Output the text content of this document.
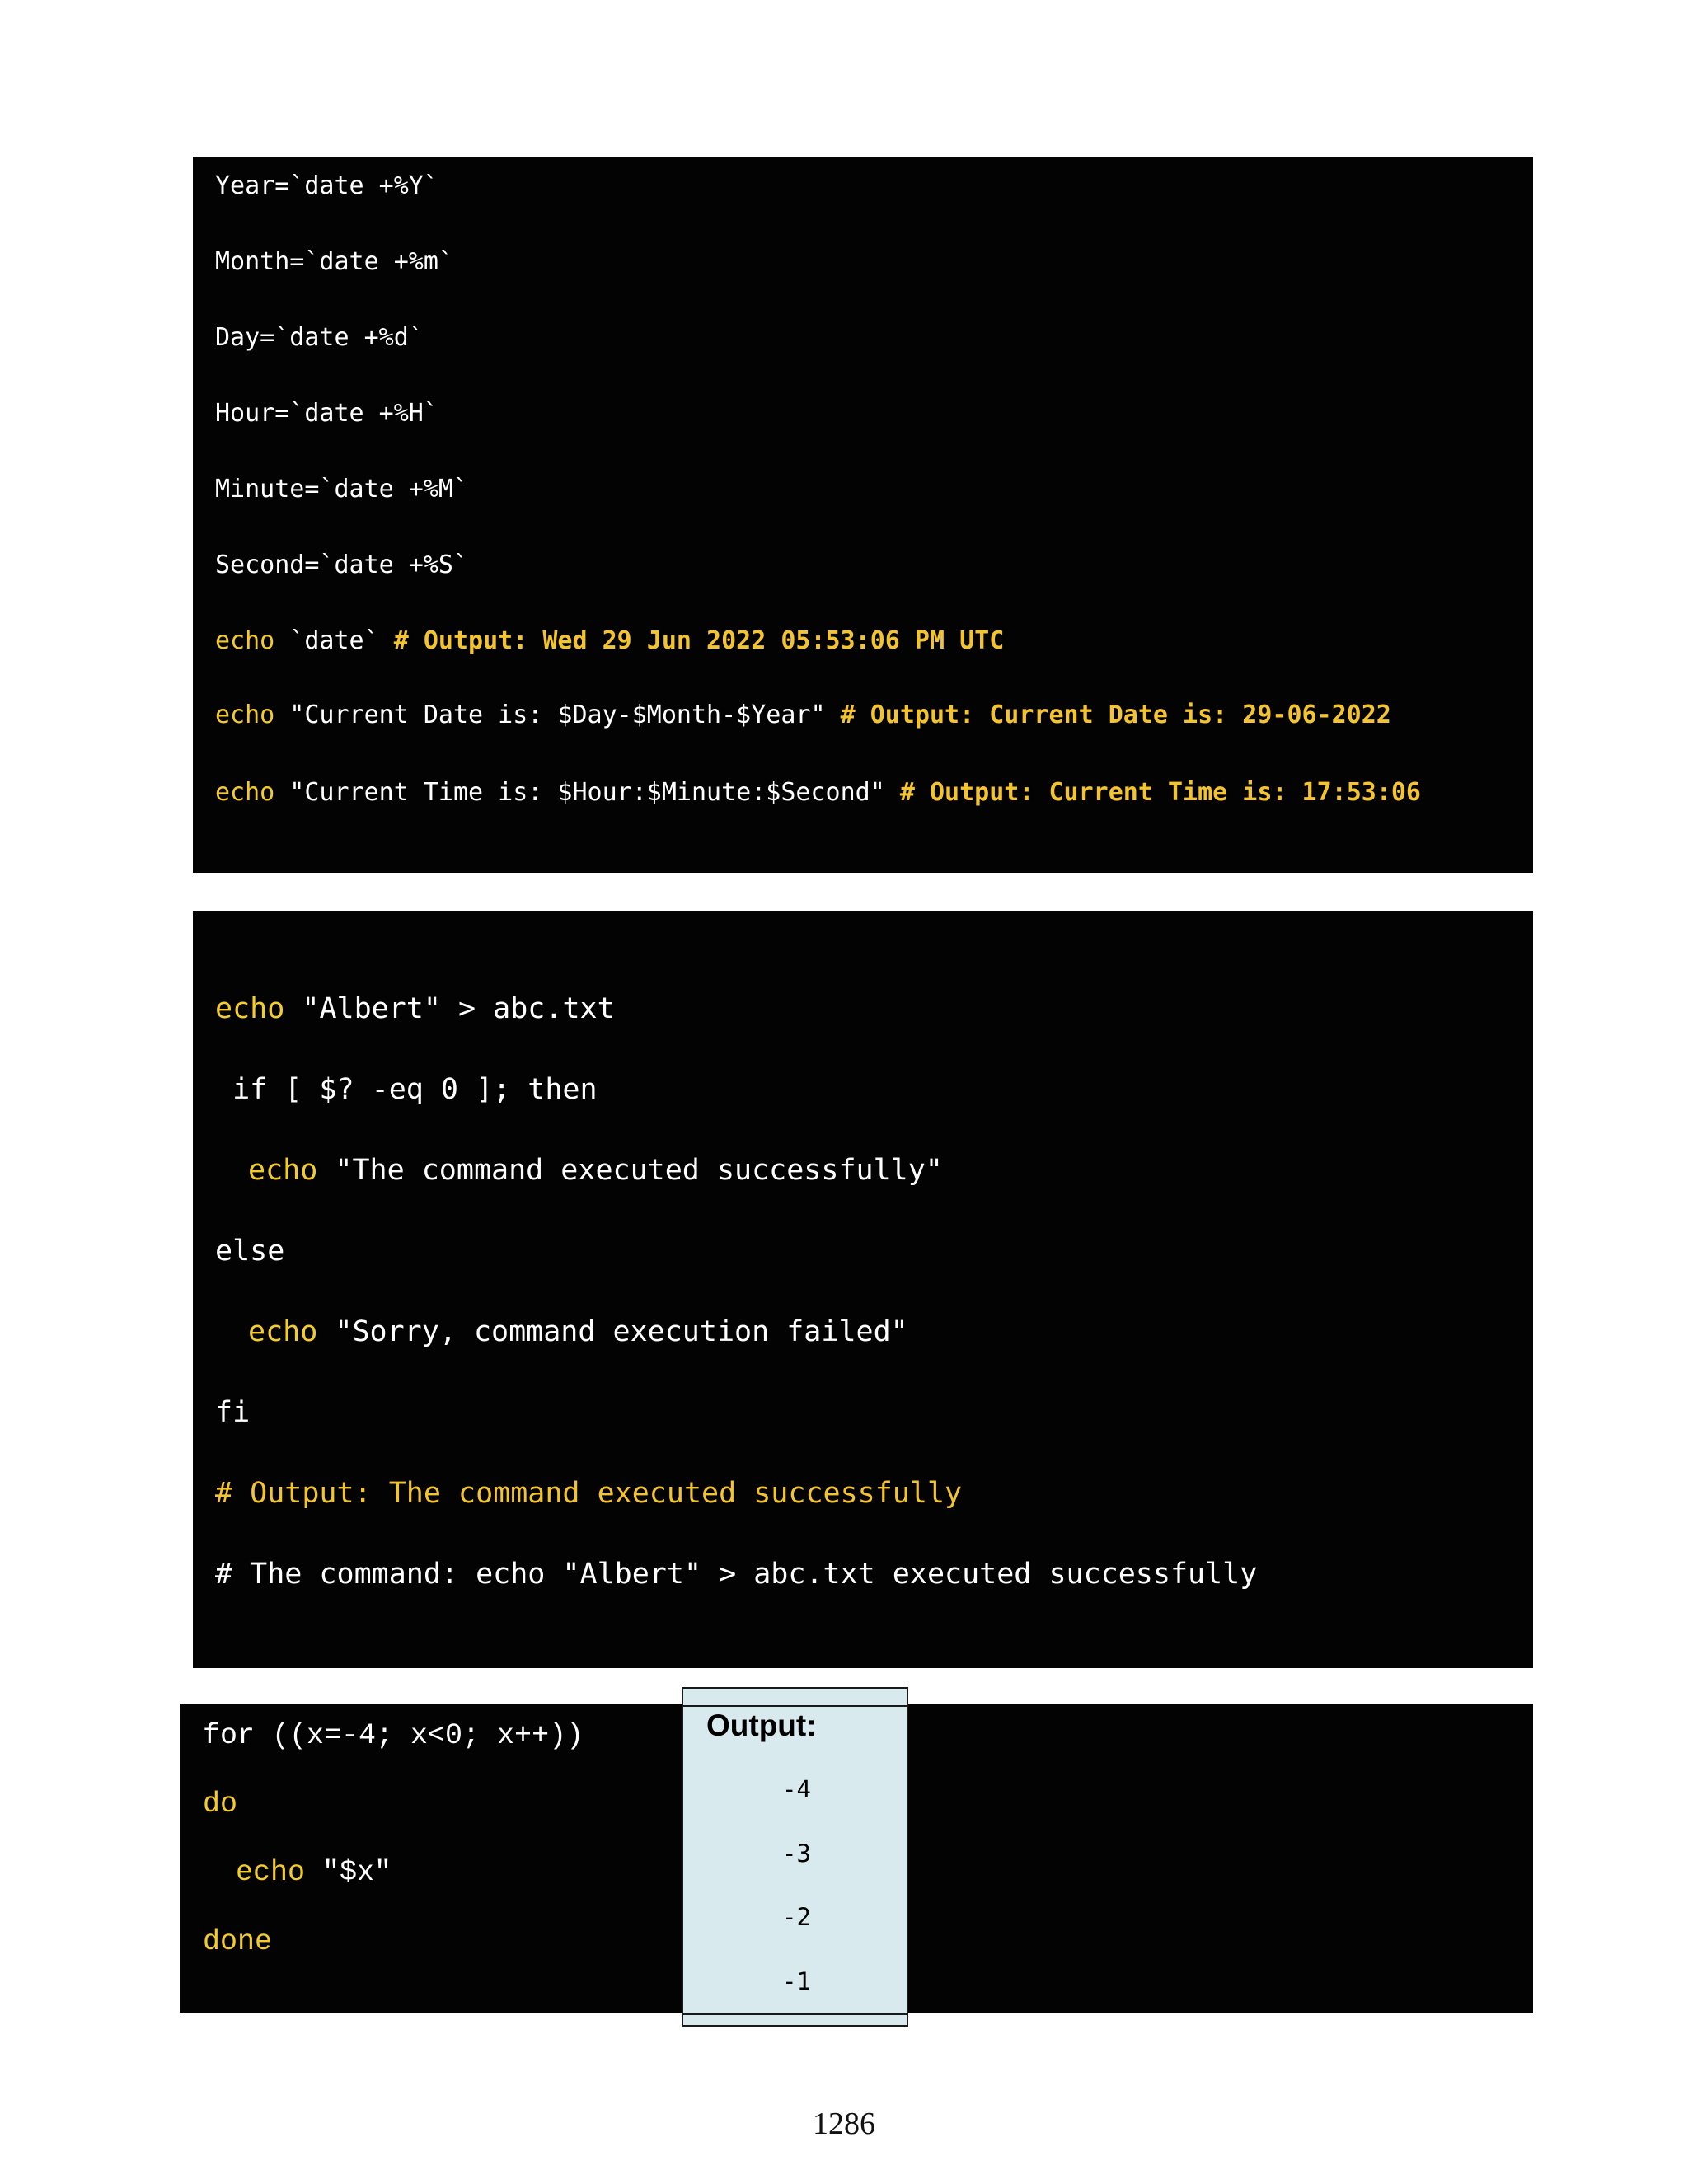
Year=`date +%Y`
Month=`date +%m`
Day=`date +%d`
Hour=`date +%H`
Minute=`date +%M`
Second=`date +%S`
echo `date` # Output: Wed 29 Jun 2022 05:53:06 PM UTC
echo "Current Date is: $Day-$Month-$Year" # Output: Current Date is: 29-06-2022
echo "Current Time is: $Hour:$Minute:$Second" # Output: Current Time is: 17:53:06
echo "Albert" > abc.txt
if [ $? -eq 0 ]; then
echo "The command executed successfully"
else
echo "Sorry, command execution failed"
fi
# Output: The command executed successfully
# The command: echo "Albert" > abc.txt executed successfully
for ((x=-4; x<0; x++))
do
echo "$x"
done
Output:
-4
-3
-2
-1
1286
